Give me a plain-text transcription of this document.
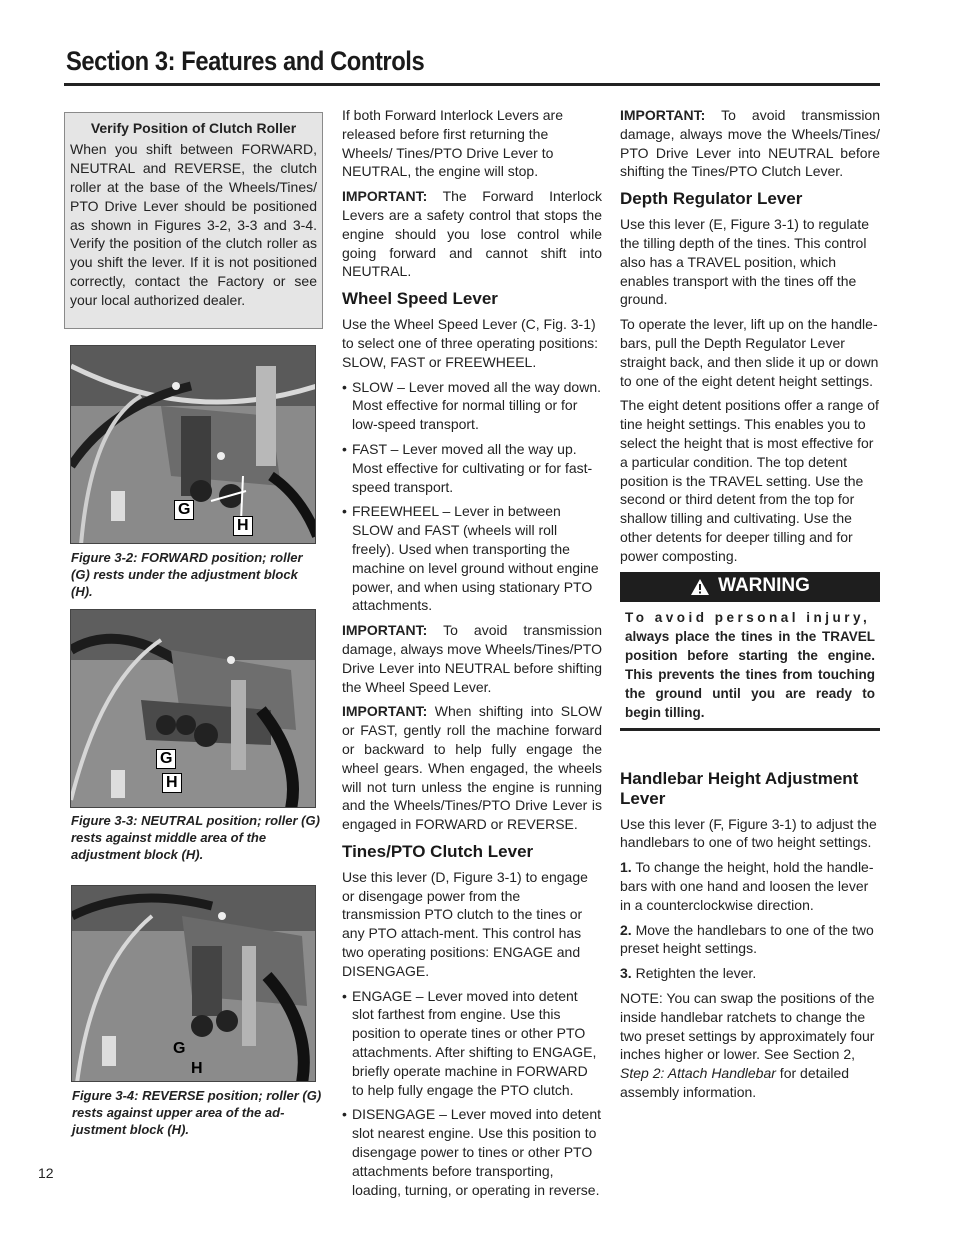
Section 3: Features and Controls
Verify Position of Clutch Roller
When you shift between FORWARD, NEUTRAL and REVERSE, the clutch roller at the base of the Wheels/Tines/ PTO Drive Lever should be positioned as shown in Figures 3-2, 3-3 and 3-4. Verify the position of the clutch roller as you shift the lever. If it is not positioned correctly, contact the Factory or see your local authorized dealer.
G
H
Figure 3-2: FORWARD position; roller (G) rests under the adjustment block (H).
G
H
Figure 3-3: NEUTRAL position; roller (G) rests against middle area of the adjustment block (H).
G
H
Figure 3-4: REVERSE position; roller (G) rests against upper area of the ad-justment block (H).

If both Forward Interlock Levers are released before first returning the Wheels/ Tines/PTO Drive Lever to NEUTRAL, the engine will stop.

IMPORTANT: The Forward Interlock Levers are a safety control that stops the engine should you lose control while going forward and cannot shift into NEUTRAL.

Wheel Speed Lever

Use the Wheel Speed Lever (C, Fig. 3-1) to select one of three operating positions: SLOW, FAST or FREEWHEEL.

• SLOW – Lever moved all the way down. Most effective for normal tilling or for low-speed transport.
• FAST – Lever moved all the way up. Most effective for cultivating or for fast-speed transport.
• FREEWHEEL – Lever in between SLOW and FAST (wheels will roll freely). Used when transporting the machine on level ground without engine power, and when using stationary PTO attachments.

IMPORTANT: To avoid transmission damage, always move Wheels/Tines/PTO Drive Lever into NEUTRAL before shifting the Wheel Speed Lever.

IMPORTANT: When shifting into SLOW or FAST, gently roll the machine forward or backward to help fully engage the wheel gears. When engaged, the wheels will not turn unless the engine is running and the Wheels/Tines/PTO Drive Lever is engaged in FORWARD or REVERSE.

Tines/PTO Clutch Lever

Use this lever (D, Figure 3-1) to engage or disengage power from the transmission PTO clutch to the tines or any PTO attach-ment. This control has two operating positions: ENGAGE and DISENGAGE.

• ENGAGE – Lever moved into detent slot farthest from engine. Use this position to operate tines or other PTO attachments. After shifting to ENGAGE, briefly operate machine in FORWARD to help fully engage the PTO clutch.
• DISENGAGE – Lever moved into detent slot nearest engine. Use this position to disengage power to tines or other PTO attachments before transporting, loading, turning, or operating in reverse.

IMPORTANT: To avoid transmission damage, always move the Wheels/Tines/ PTO Drive Lever into NEUTRAL before shifting the Tines/PTO Clutch Lever.

Depth Regulator Lever

Use this lever (E, Figure 3-1) to regulate the tilling depth of the tines. This control also has a TRAVEL position, which enables transport with the tines off the ground.

To operate the lever, lift up on the handle-bars, pull the Depth Regulator Lever straight back, and then slide it up or down to one of the eight detent height settings.

The eight detent positions offer a range of tine height settings. This enables you to select the height that is most effective for a particular condition. The top detent position is the TRAVEL setting. Use the second or third detent from the top for shallow tilling and cultivating. Use the other detents for deeper tilling and for power composting.

WARNING
To avoid personal injury,
always place the tines in the TRAVEL position before starting the engine. This prevents the tines from touching the ground until you are ready to begin tilling.
Handlebar Height Adjustment Lever

Use this lever (F, Figure 3-1) to adjust the handlebars to one of two height settings.

1. To change the height, hold the handle-bars with one hand and loosen the lever in a counterclockwise direction.

2. Move the handlebars to one of the two preset height settings.

3. Retighten the lever.

NOTE: You can swap the positions of the inside handlebar ratchets to change the two preset settings by approximately four inches higher or lower. See Section 2, Step 2: Attach Handlebar for detailed assembly information.

12
